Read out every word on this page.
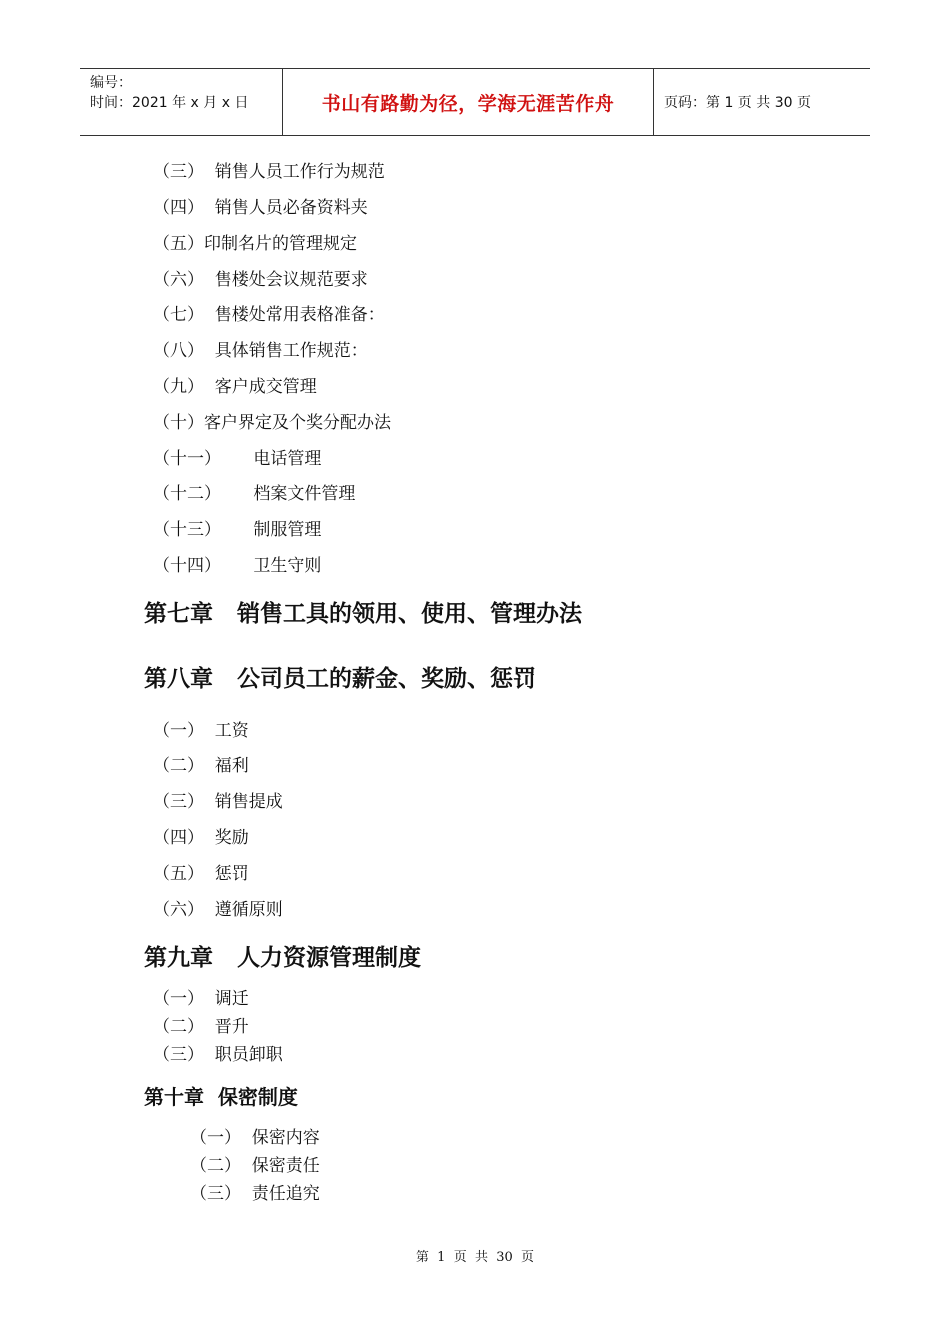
编号：
时间：2021 年 x 月 x 日	书山有路勤为径，学海无涯苦作舟	页码：第 1 页 共 30 页
（三）  销售人员工作行为规范
（四）  销售人员必备资料夹
（五）印制名片的管理规定
（六）  售楼处会议规范要求
（七）  售楼处常用表格准备：
（八）  具体销售工作规范：
（九）  客户成交管理
（十）客户界定及个奖分配办法
（十一）      电话管理
（十二）      档案文件管理
（十三）      制服管理
（十四）      卫生守则
第七章   销售工具的领用、使用、管理办法
第八章   公司员工的薪金、奖励、惩罚
（一）  工资
（二）  福利
（三）  销售提成
（四）  奖励
（五）  惩罚
（六）  遵循原则
第九章   人力资源管理制度
（一）  调迁
（二）  晋升
（三）  职员卸职
第十章  保密制度
（一）  保密内容
（二）  保密责任
（三）  责任追究
第  1  页  共  30  页
